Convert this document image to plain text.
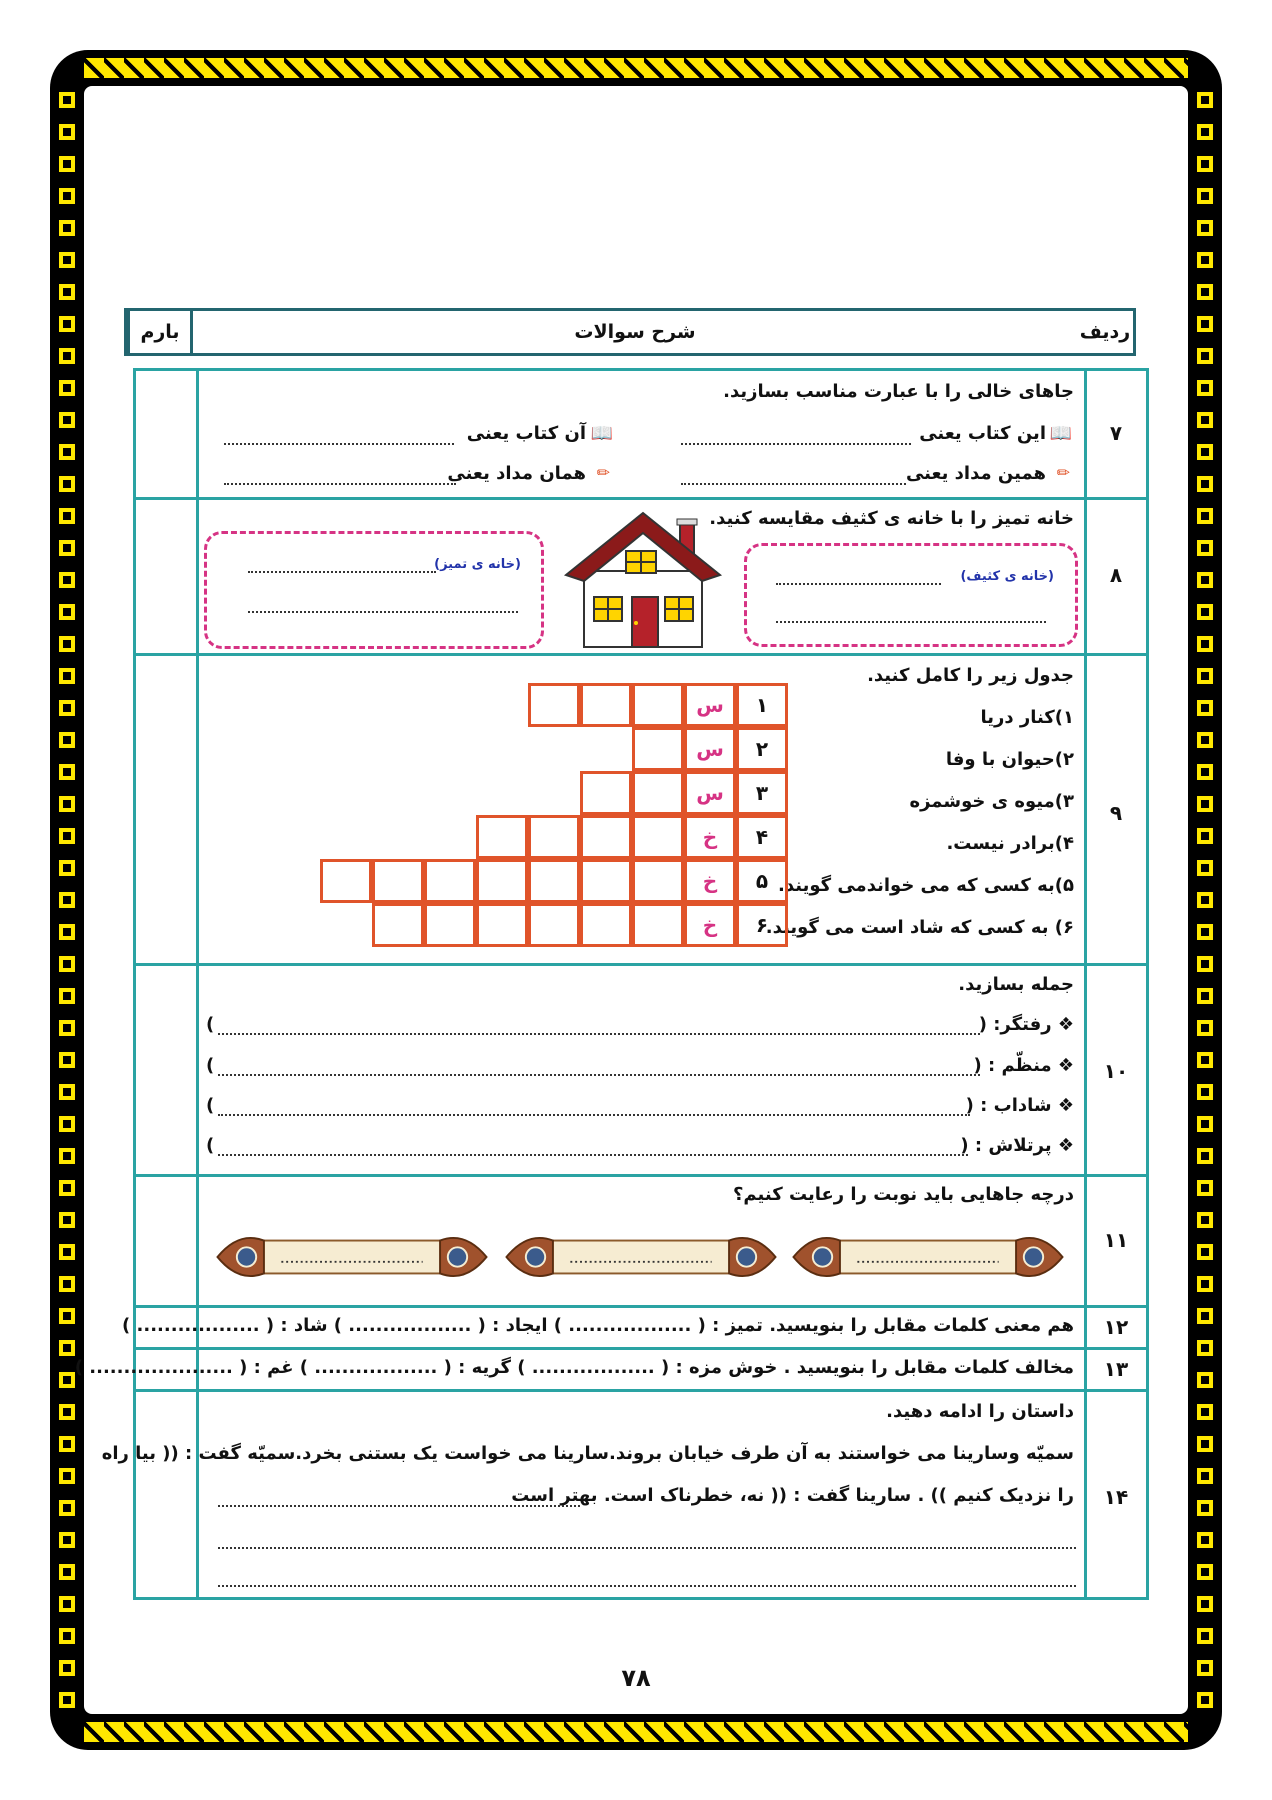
ردیف
شرح سوالات
بارم
۷
جاهای خالی را با عبارت مناسب بسازید.
این کتاب یعنی 📖
آن کتاب یعنی 📖
همین مداد یعنی ✏
همان مداد یعنی ✏
۸
خانه تمیز را با خانه ی کثیف مقایسه کنید.
(خانه ی کثیف)
(خانه ی تمیز)
۹
جدول زیر را کامل کنید.
۱)کنار دریا
۲)حیوان با وفا
۳)میوه ی خوشمزه
۴)برادر نیست.
۵)به کسی که می خواندمی گویند.
۶) به کسی که شاد است می گویند.
۱
س
۲
س
۳
س
۴
خ
۵
خ
۶
خ
۱۰
جمله بسازید.
❖ رفتگر: (
❖ منظّم : (
❖ شاداب : (
❖ پرتلاش : (
)
)
)
)
۱۱
درچه جاهایی باید نوبت را رعایت کنیم؟
۱۲
هم معنی کلمات مقابل را بنویسید. تمیز : ( .................. ) ایجاد : ( .................. ) شاد : ( .................. )
۱۳
مخالف کلمات مقابل را بنویسید . خوش مزه : ( .................. ) گریه : ( .................. ) غم : ( ..................... )
۱۴
داستان را ادامه دهید.
سمیّه وسارینا می خواستند به آن طرف خیابان بروند.سارینا می خواست یک بستنی بخرد.سمیّه گفت : (( بیا راه
را نزدیک کنیم )) . سارینا گفت : (( نه، خطرناک است. بهتر است
۷۸
